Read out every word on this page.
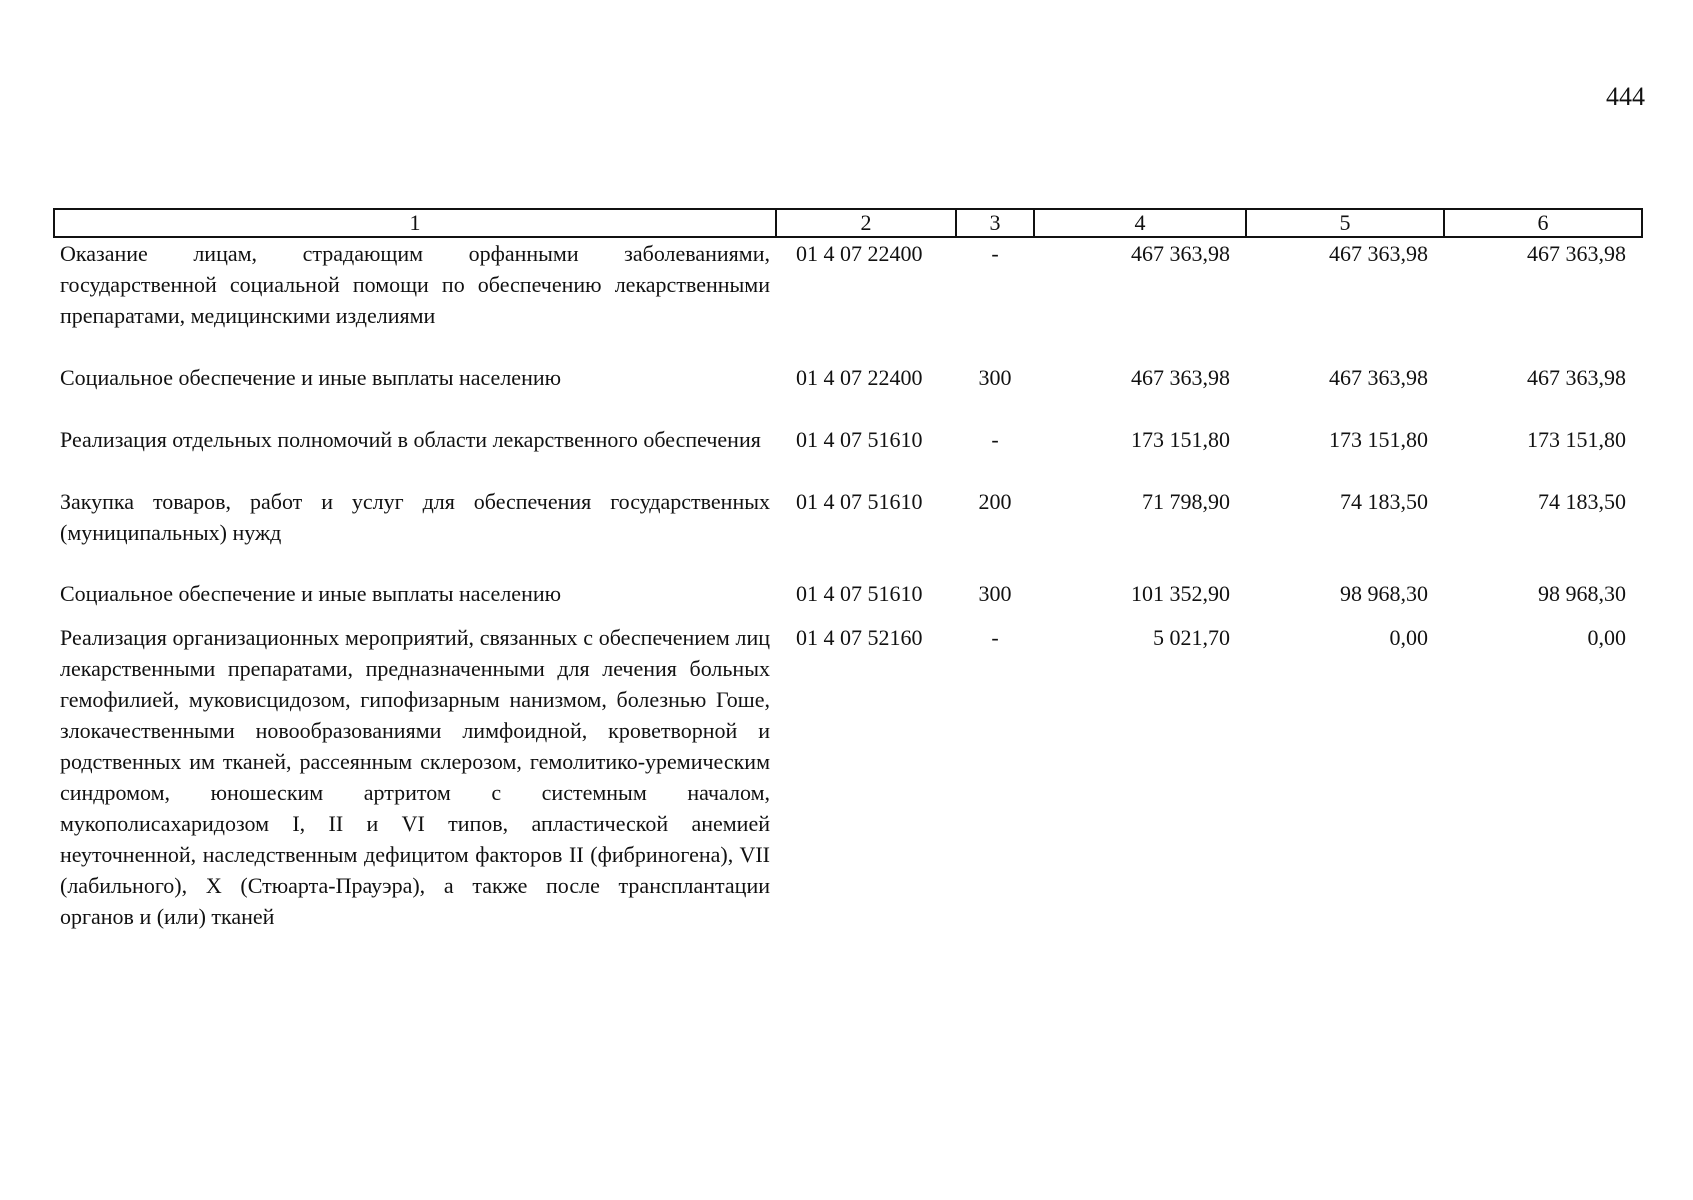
444
1	2	3	4	5	6
Оказание лицам, страдающим орфанными заболеваниями, государственной социальной помощи по обеспечению лекарственными препаратами, медицинскими изделиями	01 4 07 22400	-	467 363,98	467 363,98	467 363,98
Социальное обеспечение и иные выплаты населению	01 4 07 22400	300	467 363,98	467 363,98	467 363,98
Реализация отдельных полномочий в области лекарственного обеспечения	01 4 07 51610	-	173 151,80	173 151,80	173 151,80
Закупка товаров, работ и услуг для обеспечения государственных (муниципальных) нужд	01 4 07 51610	200	71 798,90	74 183,50	74 183,50
Социальное обеспечение и иные выплаты населению	01 4 07 51610	300	101 352,90	98 968,30	98 968,30
Реализация организационных мероприятий, связанных с обеспечением лиц лекарственными препаратами, предназначенными для лечения больных гемофилией, муковисцидозом, гипофизарным нанизмом, болезнью Гоше, злокачественными новообразованиями лимфоидной, кроветворной и родственных им тканей, рассеянным склерозом, гемолитико-уремическим синдромом, юношеским артритом с системным началом, мукополисахаридозом I, II и VI типов, апластической анемией неуточненной, наследственным дефицитом факторов II (фибриногена), VII (лабильного), X (Стюарта-Прауэра), а также после трансплантации органов и (или) тканей	01 4 07 52160	-	5 021,70	0,00	0,00
